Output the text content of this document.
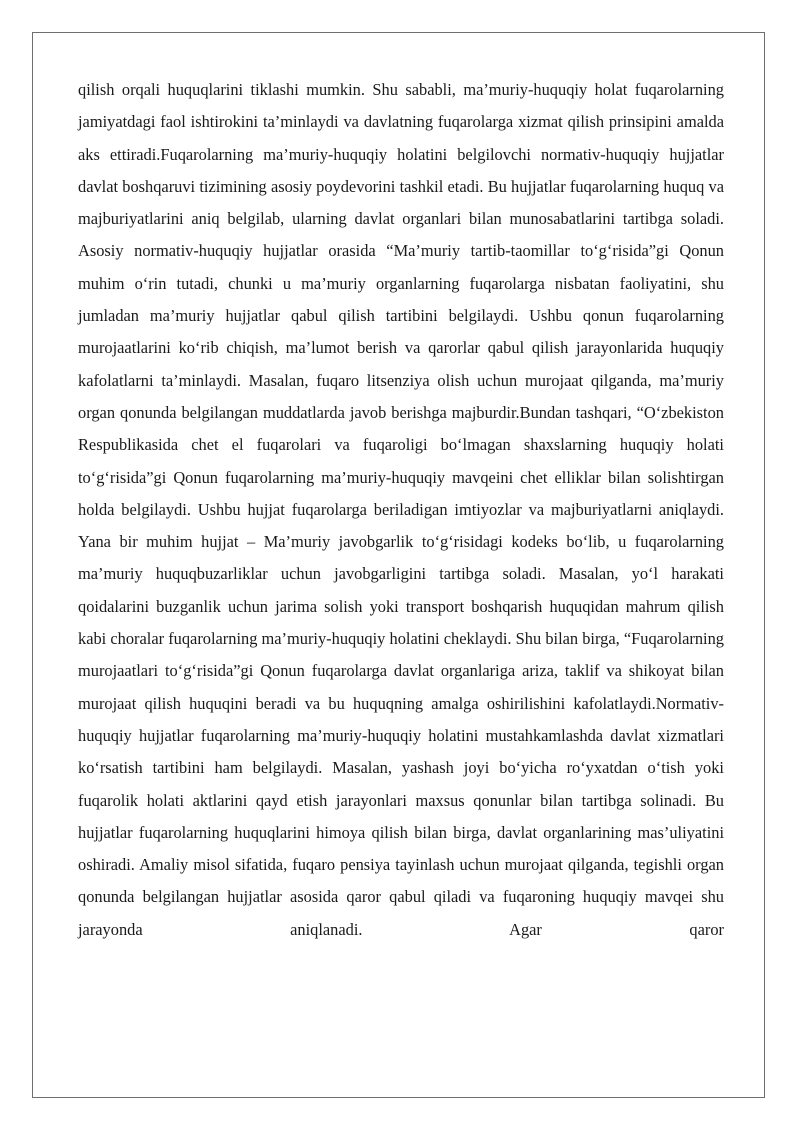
qilish orqali huquqlarini tiklashi mumkin. Shu sababli, ma’muriy-huquqiy holat fuqarolarning jamiyatdagi faol ishtirokini ta’minlaydi va davlatning fuqarolarga xizmat qilish prinsipini amalda aks ettiradi.Fuqarolarning ma’muriy-huquqiy holatini belgilovchi normativ-huquqiy hujjatlar davlat boshqaruvi tizimining asosiy poydevorini tashkil etadi. Bu hujjatlar fuqarolarning huquq va majburiyatlarini aniq belgilab, ularning davlat organlari bilan munosabatlarini tartibga soladi. Asosiy normativ-huquqiy hujjatlar orasida “Ma’muriy tartib-taomillar to‘g‘risida”gi Qonun muhim o‘rin tutadi, chunki u ma’muriy organlarning fuqarolarga nisbatan faoliyatini, shu jumladan ma’muriy hujjatlar qabul qilish tartibini belgilaydi. Ushbu qonun fuqarolarning murojaatlarini ko‘rib chiqish, ma’lumot berish va qarorlar qabul qilish jarayonlarida huquqiy kafolatlarni ta’minlaydi. Masalan, fuqaro litsenziya olish uchun murojaat qilganda, ma’muriy organ qonunda belgilangan muddatlarda javob berishga majburdir.Bundan tashqari, “O‘zbekiston Respublikasida chet el fuqarolari va fuqaroligi bo‘lmagan shaxslarning huquqiy holati to‘g‘risida”gi Qonun fuqarolarning ma’muriy-huquqiy mavqeini chet elliklar bilan solishtirgan holda belgilaydi. Ushbu hujjat fuqarolarga beriladigan imtiyozlar va majburiyatlarni aniqlaydi. Yana bir muhim hujjat – Ma’muriy javobgarlik to‘g‘risidagi kodeks bo‘lib, u fuqarolarning ma’muriy huquqbuzarliklar uchun javobgarligini tartibga soladi. Masalan, yo‘l harakati qoidalarini buzganlik uchun jarima solish yoki transport boshqarish huquqidan mahrum qilish kabi choralar fuqarolarning ma’muriy-huquqiy holatini cheklaydi. Shu bilan birga, “Fuqarolarning murojaatlari to‘g‘risida”gi Qonun fuqarolarga davlat organlariga ariza, taklif va shikoyat bilan murojaat qilish huquqini beradi va bu huquqning amalga oshirilishini kafolatlaydi.Normativ-huquqiy hujjatlar fuqarolarning ma’muriy-huquqiy holatini mustahkamlashda davlat xizmatlari ko‘rsatish tartibini ham belgilaydi. Masalan, yashash joyi bo‘yicha ro‘yxatdan o‘tish yoki fuqarolik holati aktlarini qayd etish jarayonlari maxsus qonunlar bilan tartibga solinadi. Bu hujjatlar fuqarolarning huquqlarini himoya qilish bilan birga, davlat organlarining mas’uliyatini oshiradi. Amaliy misol sifatida, fuqaro pensiya tayinlash uchun murojaat qilganda, tegishli organ qonunda belgilangan hujjatlar asosida qaror qabul qiladi va fuqaroning huquqiy mavqei shu jarayonda aniqlanadi. Agar qaror
